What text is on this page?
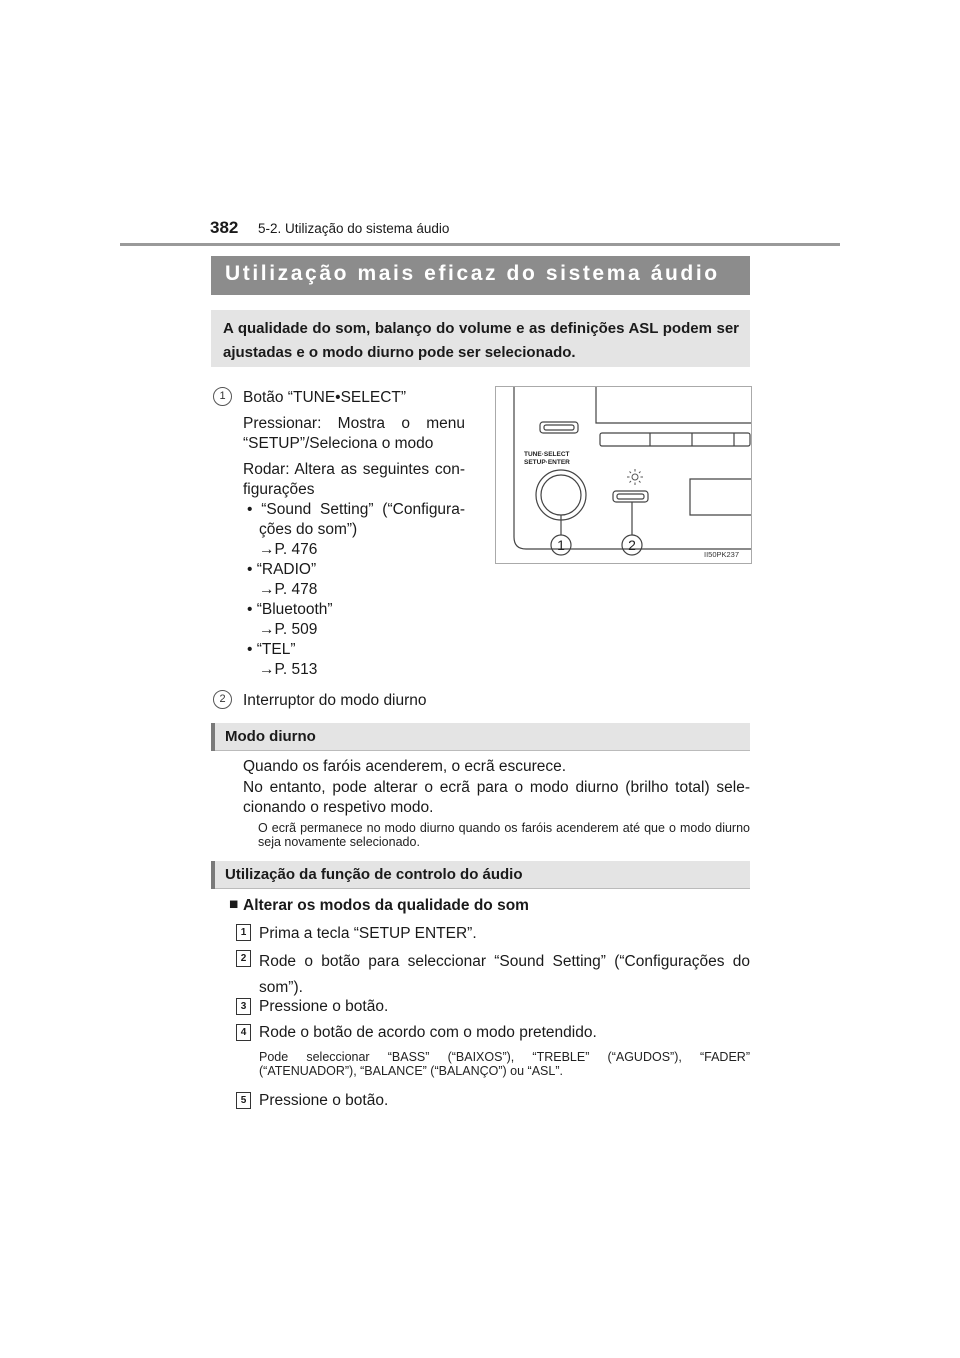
382 5-2. Utilização do sistema áudio
Utilização mais eficaz do sistema áudio
A qualidade do som, balanço do volume e as definições ASL podem ser ajustadas e o modo diurno pode ser selecionado.
1	Botão “TUNE•SELECT”

Pressionar: Mostra o menu “SETUP”/Seleciona o modo

Rodar: Altera as seguintes con-figurações

• “Sound Setting” (“Configura-ções do som”)

→P. 476

• “RADIO”

→P. 478

• “Bluetooth”

→P. 509

• “TEL”

→P. 513

TUNE·SELECT
SETUP·ENTER
1	2
II50PK237
2	Interruptor do modo diurno
Modo diurno
Quando os faróis acenderem, o ecrã escurece.
No entanto, pode alterar o ecrã para o modo diurno (brilho total) sele-cionando o respetivo modo.
O ecrã permanece no modo diurno quando os faróis acenderem até que o modo diurno seja novamente selecionado.
Utilização da função de controlo do áudio
■ Alterar os modos da qualidade do som
1 Prima a tecla “SETUP ENTER”.
2 Rode o botão para seleccionar “Sound Setting” (“Configurações do som”).
3 Pressione o botão.
4 Rode o botão de acordo com o modo pretendido.
Pode seleccionar “BASS” (“BAIXOS”), “TREBLE” (“AGUDOS”), “FADER” (“ATENUADOR”), “BALANCE” (“BALANÇO”) ou “ASL”.
5 Pressione o botão.
